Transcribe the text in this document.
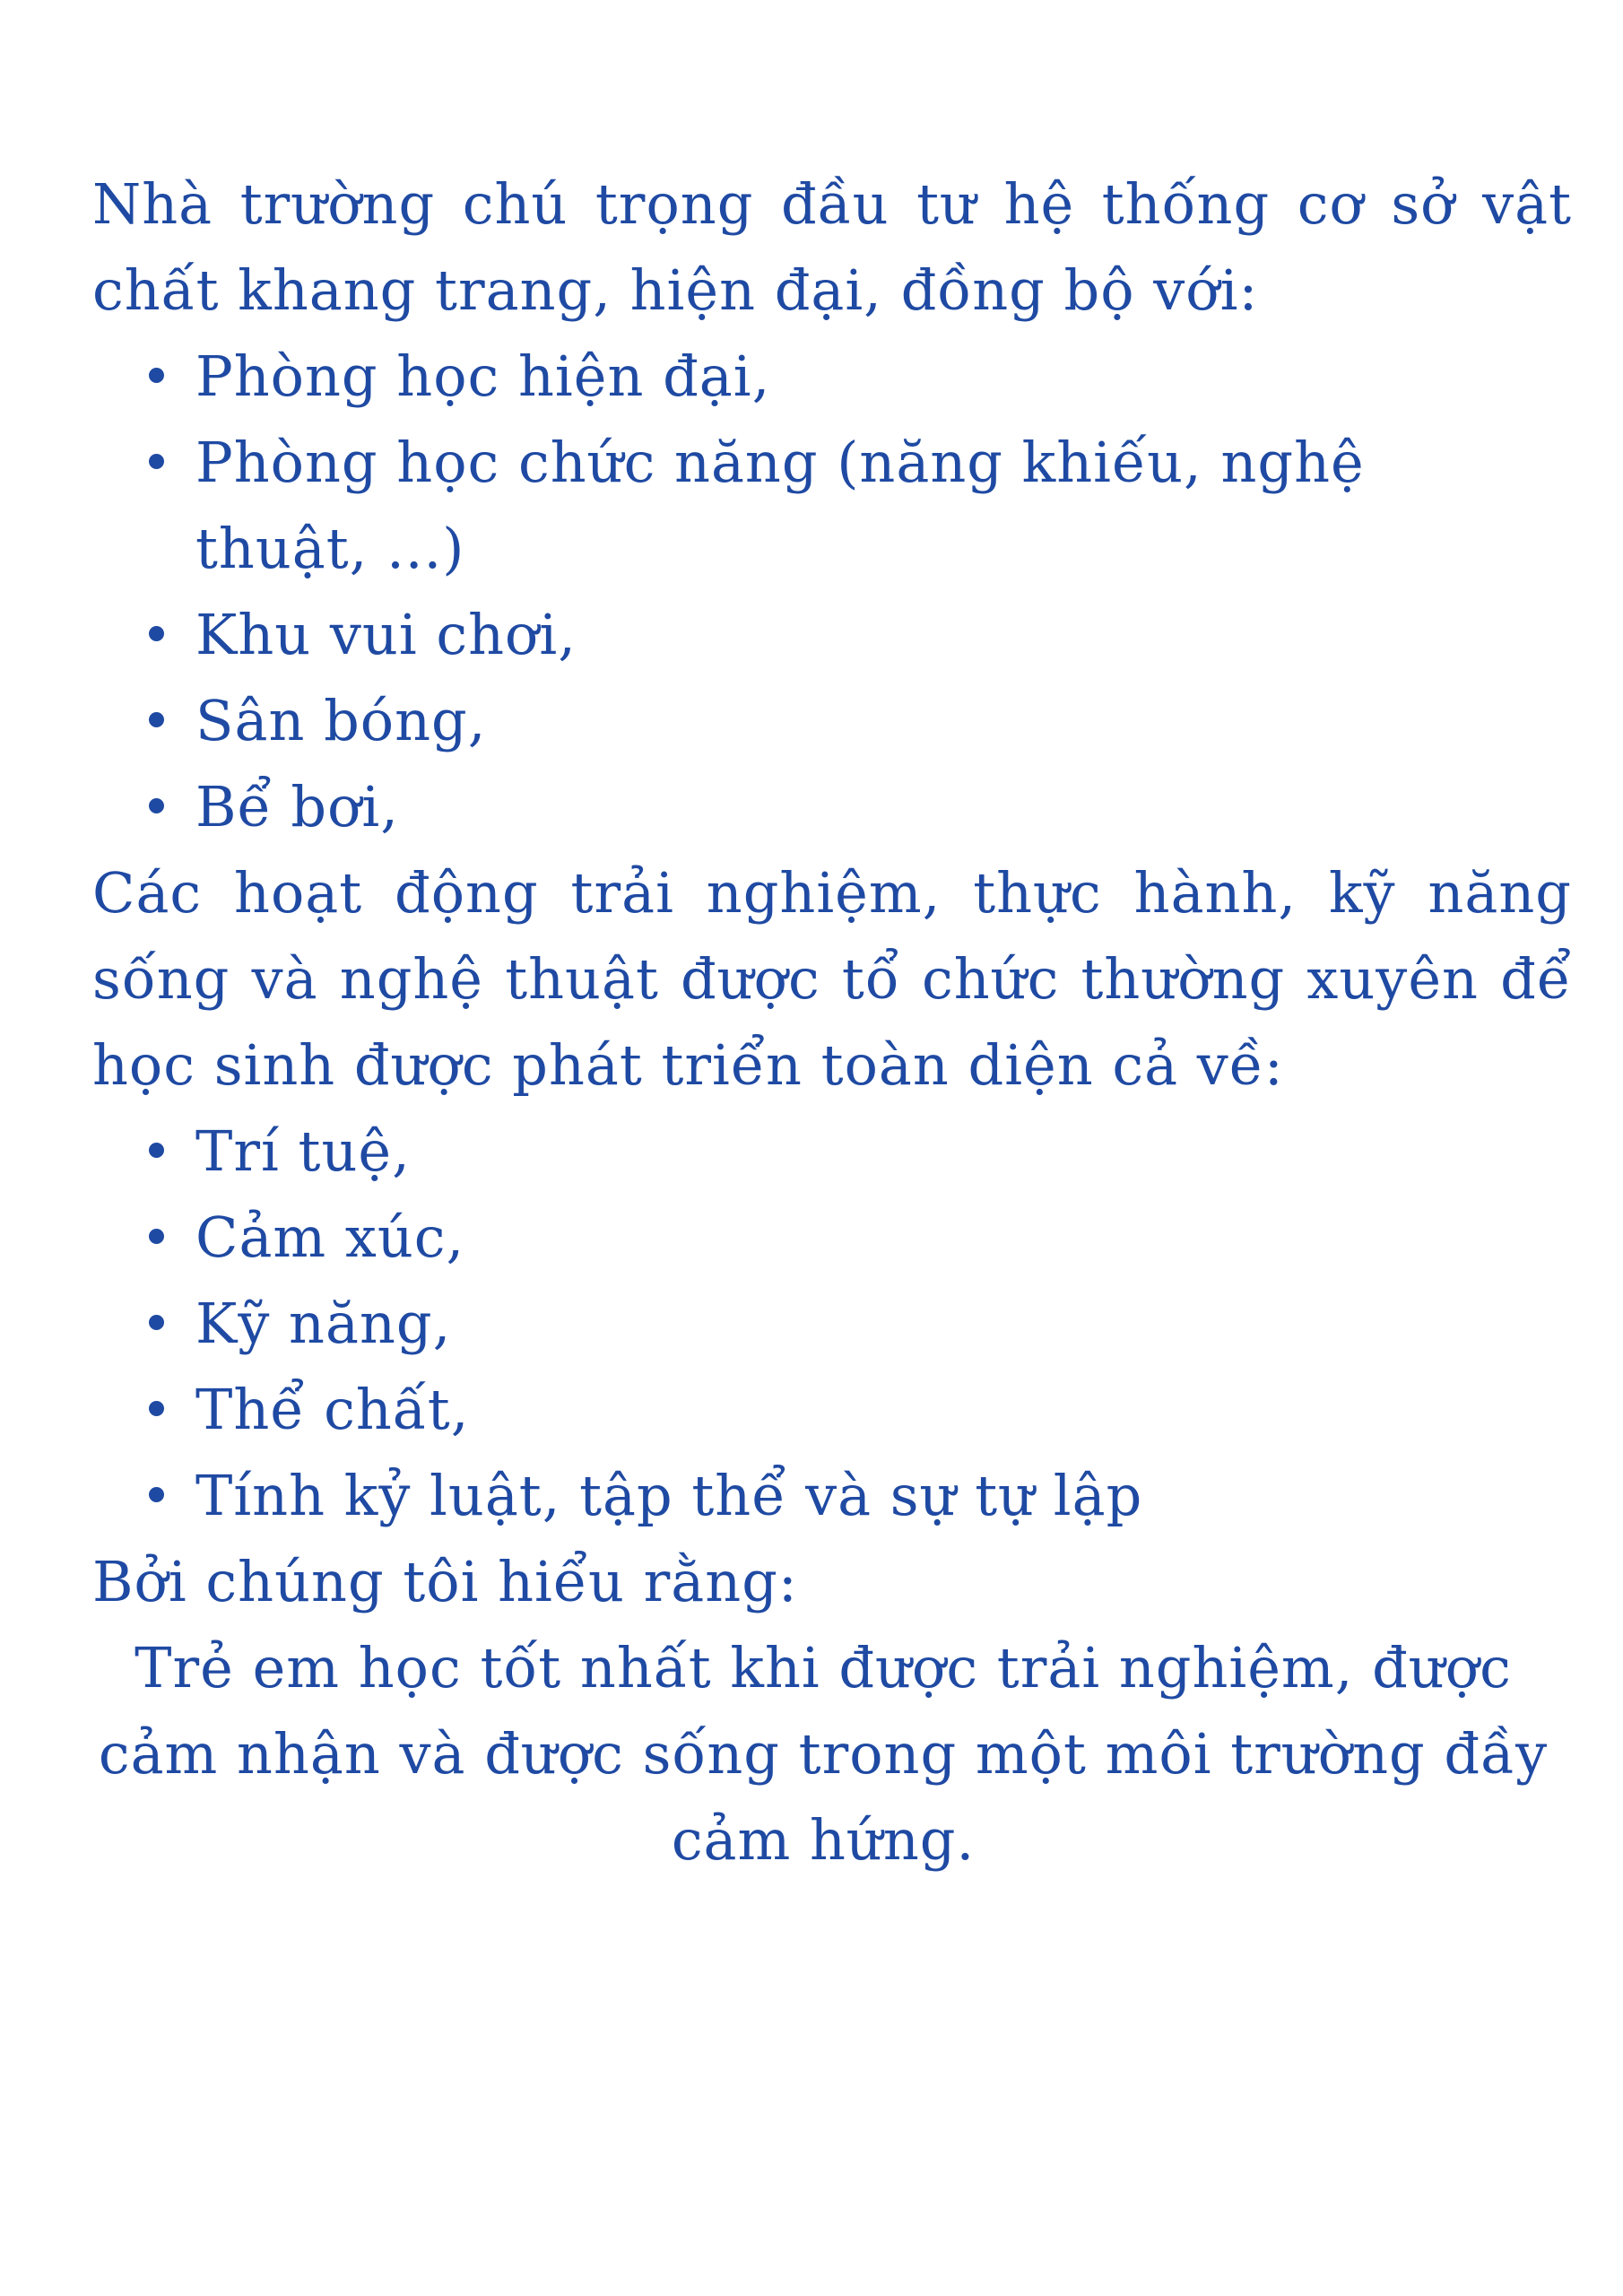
Nhà trường chú trọng đầu tư hệ thống cơ sở vật chất khang trang, hiện đại, đồng bộ với:

Phòng học hiện đại,
Phòng học chức năng (năng khiếu, nghệ thuật, ...)
Khu vui chơi,
Sân bóng,
Bể bơi,

Các hoạt động trải nghiệm, thực hành, kỹ năng sống và nghệ thuật được tổ chức thường xuyên để học sinh được phát triển toàn diện cả về:

Trí tuệ,
Cảm xúc,
Kỹ năng,
Thể chất,
Tính kỷ luật, tập thể và sự tự lập

Bởi chúng tôi hiểu rằng:

Trẻ em học tốt nhất khi được trải nghiệm, được cảm nhận và được sống trong một môi trường đầy cảm hứng.
